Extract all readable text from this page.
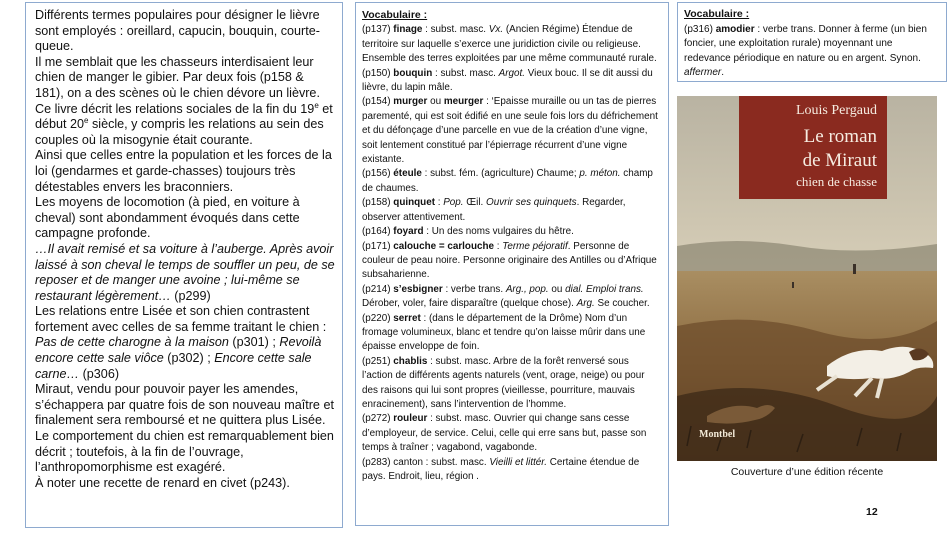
Différents termes populaires pour désigner le lièvre sont employés : oreillard, capucin, bouquin, courte-queue.

Il me semblait que les chasseurs interdisaient leur chien de manger le gibier. Par deux fois (p158 & 181), on a des scènes où le chien dévore un lièvre.

Ce livre décrit les relations sociales de la fin du 19e et début 20e siècle, y compris les relations au sein des couples où la misogynie était courante.

Ainsi que celles entre la population et les forces de la loi (gendarmes et garde-chasses) toujours très détestables envers les braconniers.

Les moyens de locomotion (à pied, en voiture à cheval) sont abondamment évoqués dans cette campagne profonde.

…Il avait remisé et sa voiture à l’auberge. Après avoir laissé à son cheval le temps de souffler un peu, de se reposer et de manger une avoine ; lui-même se restaurant légèrement… (p299)

Les relations entre Lisée et son chien contrastent fortement avec celles de sa femme traitant le chien :

Pas de cette charogne à la maison (p301) ; Revoilà encore cette sale viôce (p302) ; Encore cette sale carne… (p306)

Miraut, vendu pour pouvoir payer les amendes, s’échappera par quatre fois de son nouveau maître et finalement sera remboursé et ne quittera plus Lisée.

Le comportement du chien est remarquablement bien décrit ; toutefois, à la fin de l’ouvrage, l’anthropomorphisme est exagéré.

À noter une recette de renard en civet (p243).

Vocabulaire :

(p137) finage : subst. masc. Vx. (Ancien Régime) Étendue de territoire sur laquelle s’exerce une juridiction civile ou religieuse. Ensemble des terres exploitées par une même communauté rurale.

(p150) bouquin : subst. masc. Argot. Vieux bouc. Il se dit aussi du lièvre, du lapin mâle.

(p154) murger ou meurger : ‘Epaisse muraille ou un tas de pierres parementé, qui est soit édifié en une seule fois lors du défrichement et du défonçage d’une parcelle en vue de la création d’une vigne, soit lentement constitué par l’épierrage récurrent d’une vigne existante.

(p156) éteule : subst. fém. (agriculture) Chaume; p. méton. champ de chaumes.

(p158) quinquet : Pop. Œil. Ouvrir ses quinquets. Regarder, observer attentivement.

(p164) foyard : Un des noms vulgaires du hêtre.

(p171) calouche = carlouche : Terme péjoratif. Personne de couleur de peau noire. Personne originaire des Antilles ou d’Afrique subsaharienne.

(p214) s’esbigner : verbe trans. Arg., pop. ou dial. Emploi trans. Dérober, voler, faire disparaître (quelque chose). Arg. Se coucher.

(p220) serret : (dans le département de la Drôme) Nom d’un fromage volumineux, blanc et tendre qu’on laisse mûrir dans une épaisse enveloppe de foin.

(p251) chablis : subst. masc. Arbre de la forêt renversé sous l’action de différents agents naturels (vent, orage, neige) ou pour des raisons qui lui sont propres (vieillesse, pourriture, mauvais enracinement), sans l’intervention de l’homme.

(p272) rouleur : subst. masc. Ouvrier qui change sans cesse d’employeur, de service. Celui, celle qui erre sans but, passe son temps à traîner ; vagabond, vagabonde.

(p283) canton : subst. masc. Vieilli et littér. Certaine étendue de pays. Endroit, lieu, région .

Vocabulaire :

(p316) amodier : verbe trans. Donner à ferme (un bien foncier, une exploitation rurale) moyennant une redevance périodique en nature ou en argent. Synon. affermer.

Louis Pergaud
Le roman
de Miraut
chien de chasse
Montbel
Couverture d’une édition récente
12
